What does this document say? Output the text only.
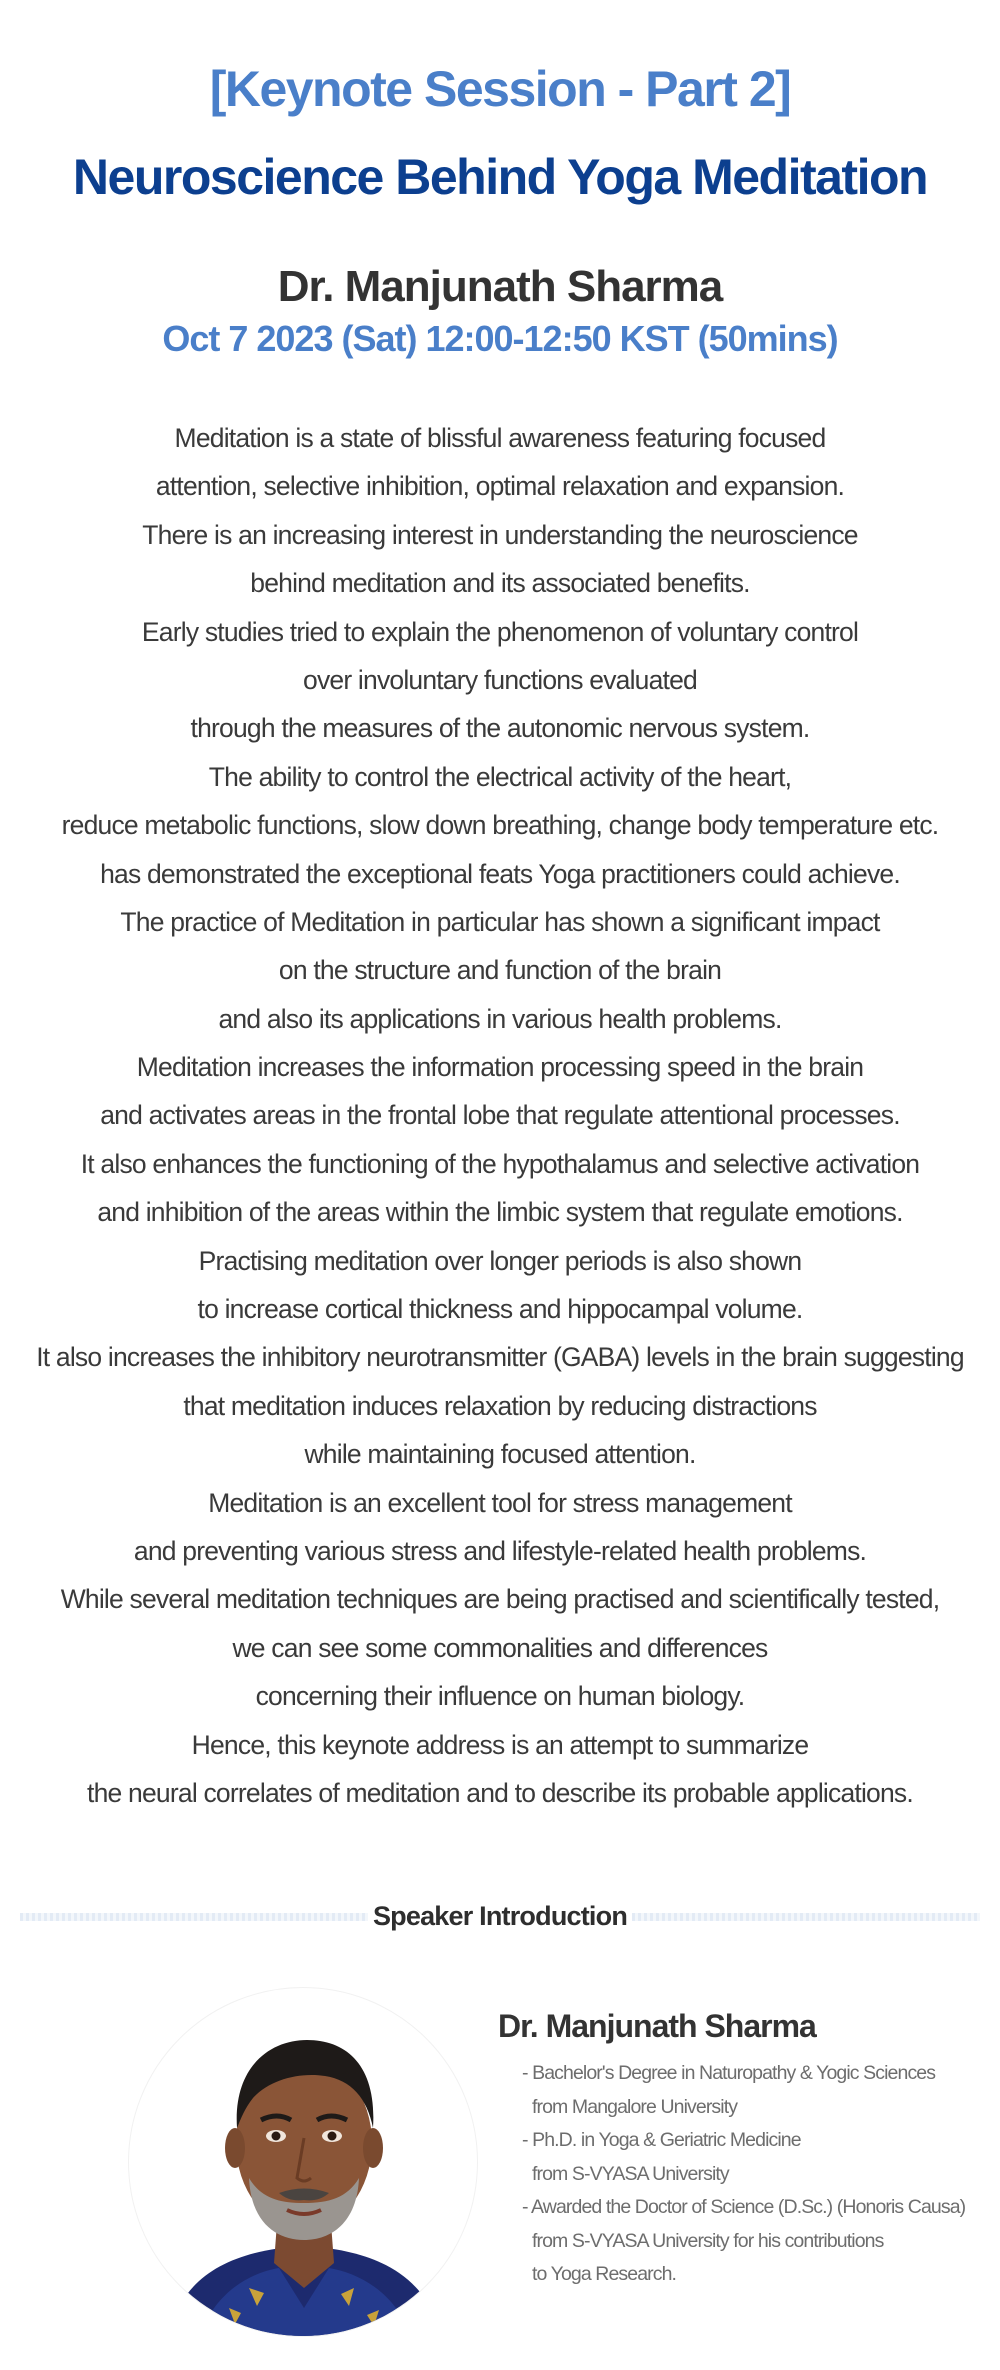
[Keynote Session - Part 2]
Neuroscience Behind Yoga Meditation
Dr. Manjunath Sharma
Oct 7 2023 (Sat) 12:00-12:50 KST (50mins)
Meditation is a state of blissful awareness featuring focused
attention, selective inhibition, optimal relaxation and expansion.
There is an increasing interest in understanding the neuroscience
behind meditation and its associated benefits.
Early studies tried to explain the phenomenon of voluntary control
over involuntary functions evaluated
through the measures of the autonomic nervous system.
The ability to control the electrical activity of the heart,
reduce metabolic functions, slow down breathing, change body temperature etc.
has demonstrated the exceptional feats Yoga practitioners could achieve.
The practice of Meditation in particular has shown a significant impact
on the structure and function of the brain
and also its applications in various health problems.
Meditation increases the information processing speed in the brain
and activates areas in the frontal lobe that regulate attentional processes.
It also enhances the functioning of the hypothalamus and selective activation
and inhibition of the areas within the limbic system that regulate emotions.
Practising meditation over longer periods is also shown
to increase cortical thickness and hippocampal volume.
It also increases the inhibitory neurotransmitter (GABA) levels in the brain suggesting
that meditation induces relaxation by reducing distractions
while maintaining focused attention.
Meditation is an excellent tool for stress management
and preventing various stress and lifestyle-related health problems.
While several meditation techniques are being practised and scientifically tested,
we can see some commonalities and differences
concerning their influence on human biology.
Hence, this keynote address is an attempt to summarize
the neural correlates of meditation and to describe its probable applications.
Speaker Introduction
Dr. Manjunath Sharma
- Bachelor's Degree in Naturopathy & Yogic Sciences
from Mangalore University
- Ph.D. in Yoga & Geriatric Medicine
from S-VYASA University
- Awarded the Doctor of Science (D.Sc.) (Honoris Causa)
from S-VYASA University for his contributions
to Yoga Research.
